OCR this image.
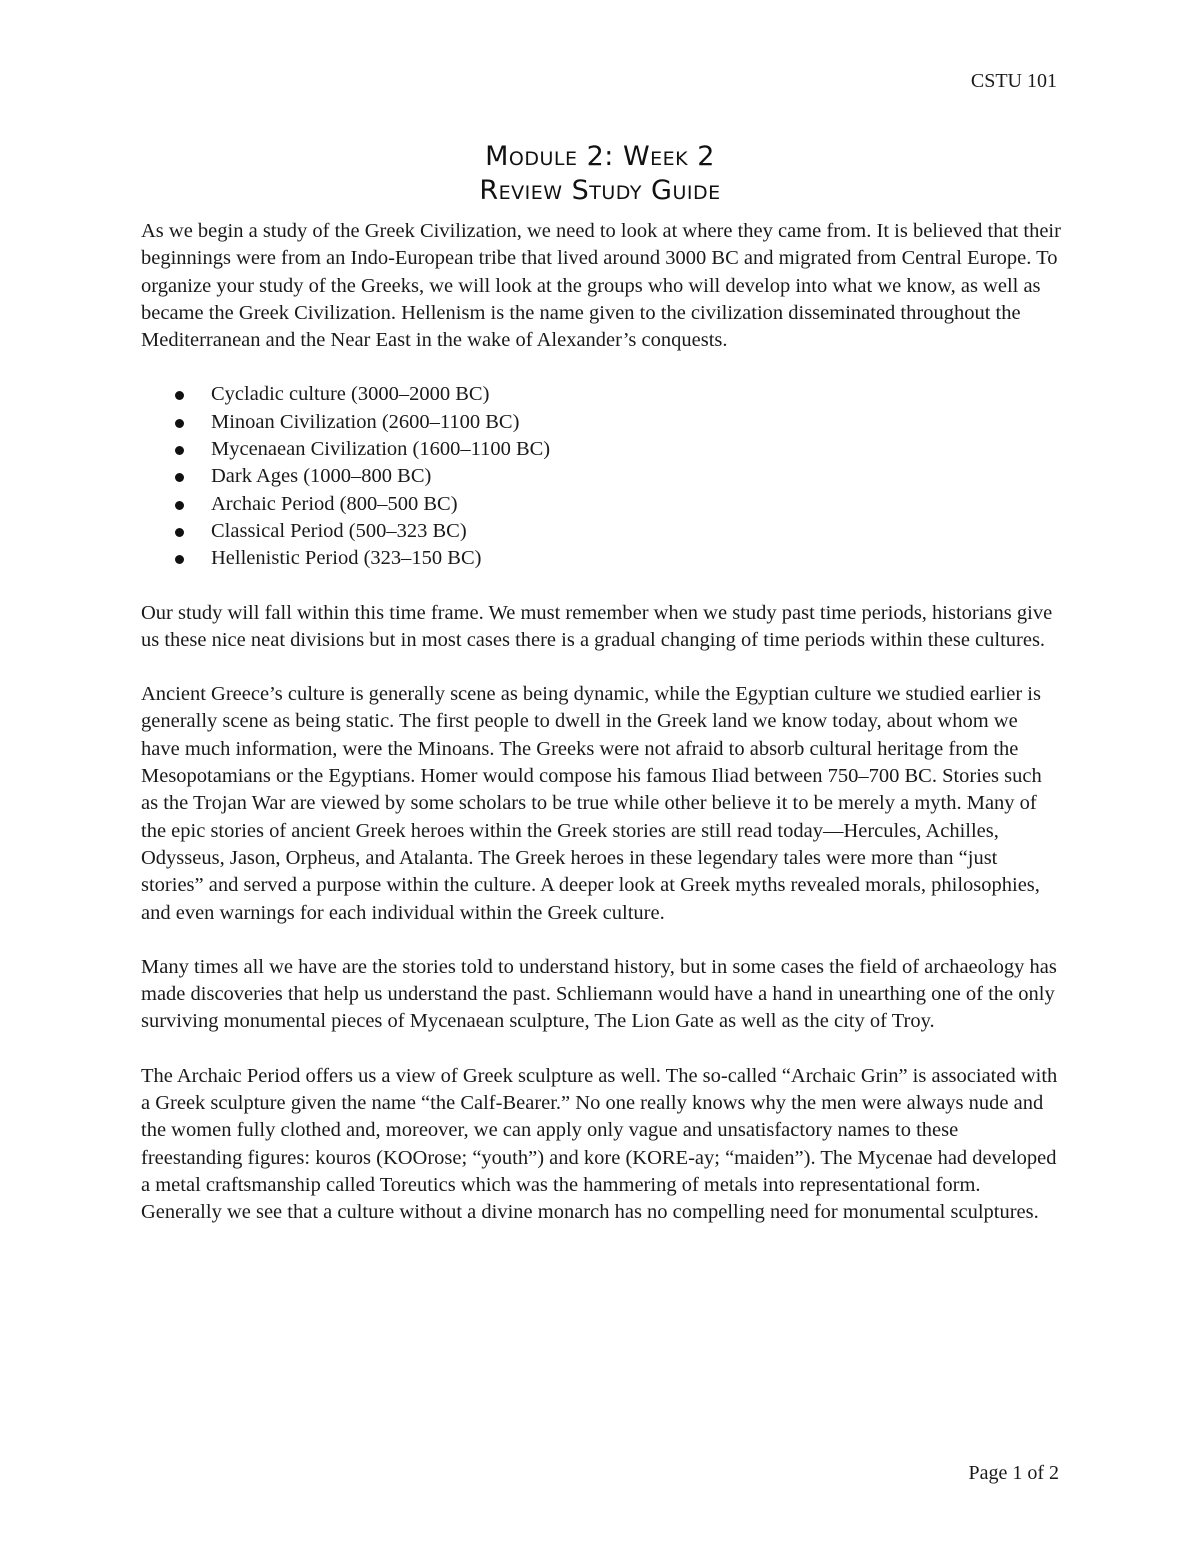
CSTU 101
Module 2: Week 2
Review Study Guide

As we begin a study of the Greek Civilization, we need to look at where they came from. It is believed that their beginnings were from an Indo-European tribe that lived around 3000 BC and migrated from Central Europe. To organize your study of the Greeks, we will look at the groups who will develop into what we know, as well as became the Greek Civilization. Hellenism is the name given to the civilization disseminated throughout the Mediterranean and the Near East in the wake of Alexander’s conquests.

Cycladic culture (3000–2000 BC)
Minoan Civilization (2600–1100 BC)
Mycenaean Civilization (1600–1100 BC)
Dark Ages (1000–800 BC)
Archaic Period (800–500 BC)
Classical Period (500–323 BC)
Hellenistic Period (323–150 BC)

Our study will fall within this time frame. We must remember when we study past time periods, historians give us these nice neat divisions but in most cases there is a gradual changing of time periods within these cultures.

Ancient Greece’s culture is generally scene as being dynamic, while the Egyptian culture we studied earlier is generally scene as being static. The first people to dwell in the Greek land we know today, about whom we have much information, were the Minoans. The Greeks were not afraid to absorb cultural heritage from the Mesopotamians or the Egyptians. Homer would compose his famous Iliad between 750–700 BC. Stories such as the Trojan War are viewed by some scholars to be true while other believe it to be merely a myth. Many of the epic stories of ancient Greek heroes within the Greek stories are still read today—Hercules, Achilles, Odysseus, Jason, Orpheus, and Atalanta. The Greek heroes in these legendary tales were more than “just stories” and served a purpose within the culture. A deeper look at Greek myths revealed morals, philosophies, and even warnings for each individual within the Greek culture.

Many times all we have are the stories told to understand history, but in some cases the field of archaeology has made discoveries that help us understand the past. Schliemann would have a hand in unearthing one of the only surviving monumental pieces of Mycenaean sculpture, The Lion Gate as well as the city of Troy.

The Archaic Period offers us a view of Greek sculpture as well. The so-called “Archaic Grin” is associated with a Greek sculpture given the name “the Calf-Bearer.” No one really knows why the men were always nude and the women fully clothed and, moreover, we can apply only vague and unsatisfactory names to these freestanding figures: kouros (KOOrose; “youth”) and kore (KORE-ay; “maiden”). The Mycenae had developed a metal craftsmanship called Toreutics which was the hammering of metals into representational form. Generally we see that a culture without a divine monarch has no compelling need for monumental sculptures.

Page 1 of 2
